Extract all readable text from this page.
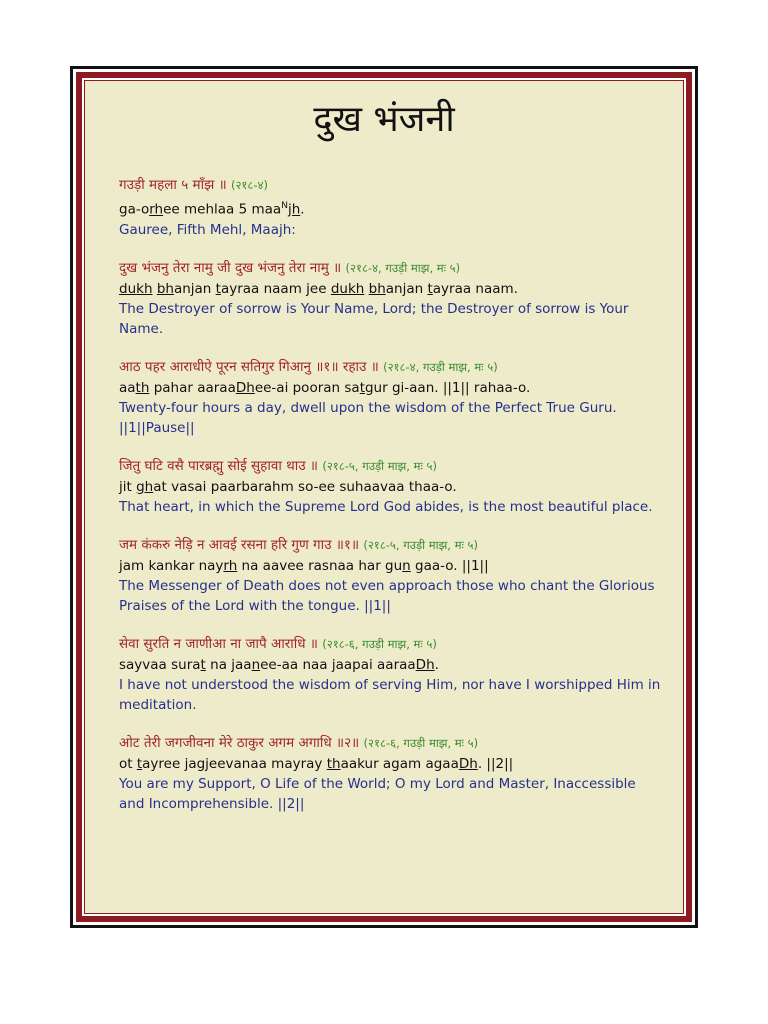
दुख भंजनी
गउड़ी महला ५ माँझ ॥ (२१८-४)
ga-orhee mehlaa 5 maa$^N$jh.
Gauree, Fifth Mehl, Maajh:
दुख भंजनु तेरा नामु जी दुख भंजनु तेरा नामु ॥ (२१८-४, गउड़ी माझ, मः ५)
dukh bhanjan tayraa naam jee dukh bhanjan tayraa naam.
The Destroyer of sorrow is Your Name, Lord; the Destroyer of sorrow is Your Name.
आठ पहर आराधीऐ पूरन सतिगुर गिआनु ॥१॥ रहाउ ॥ (२१८-४, गउड़ी माझ, मः ५)
aath pahar aaraaDhee-ai pooran satgur gi-aan. ||1|| rahaa-o.
Twenty-four hours a day, dwell upon the wisdom of the Perfect True Guru. ||1||Pause||
जितु घटि वसै पारब्रह्मु सोई सुहावा थाउ ॥ (२१८-५, गउड़ी माझ, मः ५)
jit ghat vasai paarbarahm so-ee suhaavaa thaa-o.
That heart, in which the Supreme Lord God abides, is the most beautiful place.
जम कंकरु नेड़ि न आवई रसना हरि गुण गाउ ॥१॥ (२१८-५, गउड़ी माझ, मः ५)
jam kankar nayrh na aavee rasnaa har gun gaa-o. ||1||
The Messenger of Death does not even approach those who chant the Glorious Praises of the Lord with the tongue. ||1||
सेवा सुरति न जाणीआ ना जापै आराधि ॥ (२१८-६, गउड़ी माझ, मः ५)
sayvaa surat na jaanee-aa naa jaapai aaraaDh.
I have not understood the wisdom of serving Him, nor have I worshipped Him in meditation.
ओट तेरी जगजीवना मेरे ठाकुर अगम अगाधि ॥२॥ (२१८-६, गउड़ी माझ, मः ५)
ot tayree jagjeevanaa mayray thaakur agam agaaDh. ||2||
You are my Support, O Life of the World; O my Lord and Master, Inaccessible and Incomprehensible. ||2||
